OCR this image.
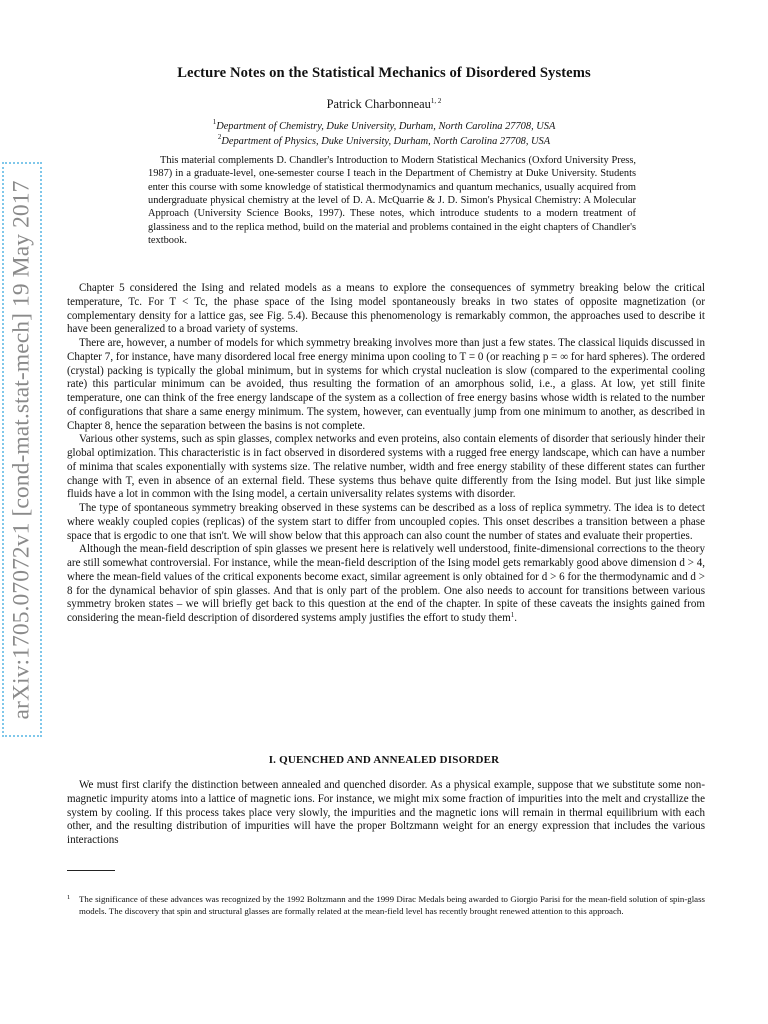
arXiv:1705.07072v1 [cond-mat.stat-mech] 19 May 2017
Lecture Notes on the Statistical Mechanics of Disordered Systems
Patrick Charbonneau$^{1, 2}$
$^1$Department of Chemistry, Duke University, Durham, North Carolina 27708, USA
$^2$Department of Physics, Duke University, Durham, North Carolina 27708, USA

This material complements D. Chandler's Introduction to Modern Statistical Mechanics (Oxford University Press, 1987) in a graduate-level, one-semester course I teach in the Department of Chemistry at Duke University. Students enter this course with some knowledge of statistical thermodynamics and quantum mechanics, usually acquired from undergraduate physical chemistry at the level of D. A. McQuarrie & J. D. Simon's Physical Chemistry: A Molecular Approach (University Science Books, 1997). These notes, which introduce students to a modern treatment of glassiness and to the replica method, build on the material and problems contained in the eight chapters of Chandler's textbook.

Chapter 5 considered the Ising and related models as a means to explore the consequences of symmetry breaking below the critical temperature, Tc. For T < Tc, the phase space of the Ising model spontaneously breaks in two states of opposite magnetization (or complementary density for a lattice gas, see Fig. 5.4). Because this phenomenology is remarkably common, the approaches used to describe it have been generalized to a broad variety of systems.

There are, however, a number of models for which symmetry breaking involves more than just a few states. The classical liquids discussed in Chapter 7, for instance, have many disordered local free energy minima upon cooling to T = 0 (or reaching p = ∞ for hard spheres). The ordered (crystal) packing is typically the global minimum, but in systems for which crystal nucleation is slow (compared to the experimental cooling rate) this particular minimum can be avoided, thus resulting the formation of an amorphous solid, i.e., a glass. At low, yet still finite temperature, one can think of the free energy landscape of the system as a collection of free energy basins whose width is related to the number of configurations that share a same energy minimum. The system, however, can eventually jump from one minimum to another, as described in Chapter 8, hence the separation between the basins is not complete.

Various other systems, such as spin glasses, complex networks and even proteins, also contain elements of disorder that seriously hinder their global optimization. This characteristic is in fact observed in disordered systems with a rugged free energy landscape, which can have a number of minima that scales exponentially with systems size. The relative number, width and free energy stability of these different states can further change with T, even in absence of an external field. These systems thus behave quite differently from the Ising model. But just like simple fluids have a lot in common with the Ising model, a certain universality relates systems with disorder.

The type of spontaneous symmetry breaking observed in these systems can be described as a loss of replica symmetry. The idea is to detect where weakly coupled copies (replicas) of the system start to differ from uncoupled copies. This onset describes a transition between a phase space that is ergodic to one that isn't. We will show below that this approach can also count the number of states and evaluate their properties.

Although the mean-field description of spin glasses we present here is relatively well understood, finite-dimensional corrections to the theory are still somewhat controversial. For instance, while the mean-field description of the Ising model gets remarkably good above dimension d > 4, where the mean-field values of the critical exponents become exact, similar agreement is only obtained for d > 6 for the thermodynamic and d > 8 for the dynamical behavior of spin glasses. And that is only part of the problem. One also needs to account for transitions between various symmetry broken states – we will briefly get back to this question at the end of the chapter. In spite of these caveats the insights gained from considering the mean-field description of disordered systems amply justifies the effort to study them$^1$.

I. QUENCHED AND ANNEALED DISORDER

We must first clarify the distinction between annealed and quenched disorder. As a physical example, suppose that we substitute some non-magnetic impurity atoms into a lattice of magnetic ions. For instance, we might mix some fraction of impurities into the melt and crystallize the system by cooling. If this process takes place very slowly, the impurities and the magnetic ions will remain in thermal equilibrium with each other, and the resulting distribution of impurities will have the proper Boltzmann weight for an energy expression that includes the various interactions

1 The significance of these advances was recognized by the 1992 Boltzmann and the 1999 Dirac Medals being awarded to Giorgio Parisi for the mean-field solution of spin-glass models. The discovery that spin and structural glasses are formally related at the mean-field level has recently brought renewed attention to this approach.
